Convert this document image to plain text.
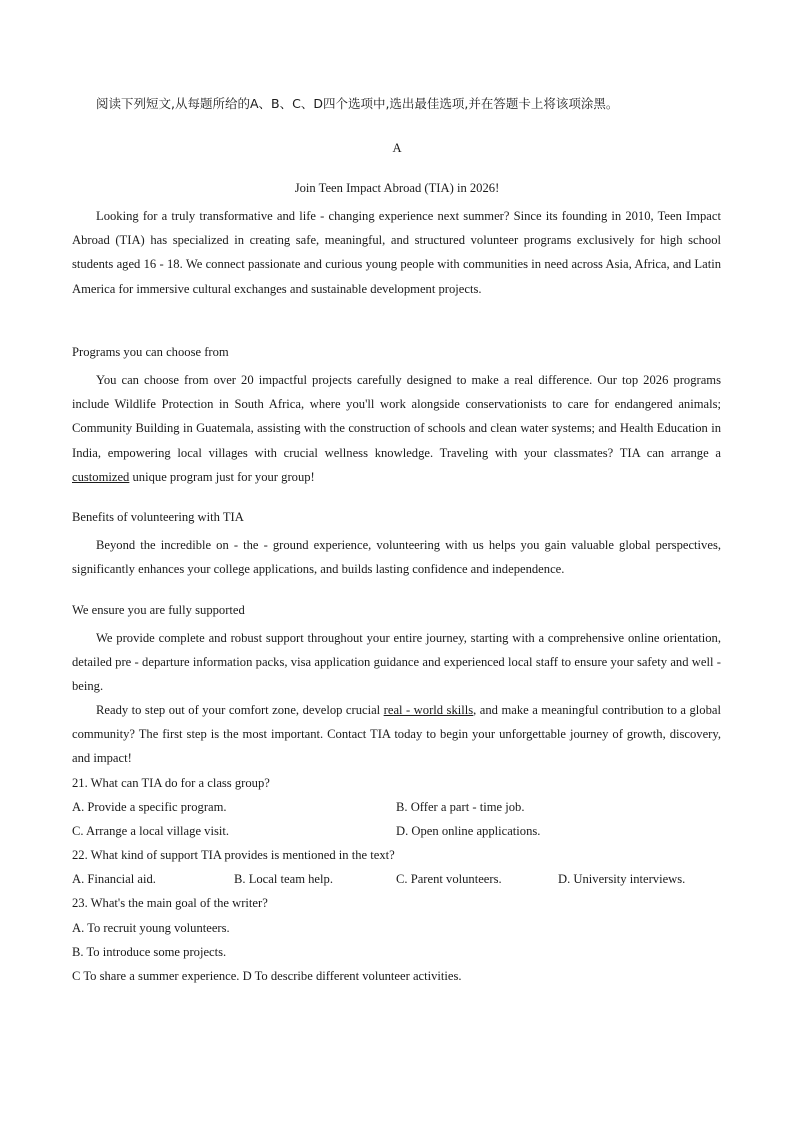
阅读下列短文,从每题所给的A、B、C、D四个选项中,选出最佳选项,并在答题卡上将该项涂黑。
A
Join Teen Impact Abroad (TIA) in 2026!
Looking for a truly transformative and life - changing experience next summer? Since its founding in 2010, Teen Impact Abroad (TIA) has specialized in creating safe, meaningful, and structured volunteer programs exclusively for high school students aged 16 - 18. We connect passionate and curious young people with communities in need across Asia, Africa, and Latin America for immersive cultural exchanges and sustainable development projects.
Programs you can choose from
You can choose from over 20 impactful projects carefully designed to make a real difference. Our top 2026 programs include Wildlife Protection in South Africa, where you'll work alongside conservationists to care for endangered animals; Community Building in Guatemala, assisting with the construction of schools and clean water systems; and Health Education in India, empowering local villages with crucial wellness knowledge. Traveling with your classmates? TIA can arrange a customized unique program just for your group!
Benefits of volunteering with TIA
Beyond the incredible on - the - ground experience, volunteering with us helps you gain valuable global perspectives, significantly enhances your college applications, and builds lasting confidence and independence.
We ensure you are fully supported
We provide complete and robust support throughout your entire journey, starting with a comprehensive online orientation, detailed pre - departure information packs, visa application guidance and experienced local staff to ensure your safety and well - being.
Ready to step out of your comfort zone, develop crucial real - world skills, and make a meaningful contribution to a global community? The first step is the most important. Contact TIA today to begin your unforgettable journey of growth, discovery, and impact!
21. What can TIA do for a class group?
A. Provide a specific program.	B. Offer a part - time job.
C. Arrange a local village visit.	D. Open online applications.
22. What kind of support TIA provides is mentioned in the text?
A. Financial aid.	B. Local team help.	C. Parent volunteers.	D. University interviews.
23. What's the main goal of the writer?
A. To recruit young volunteers.
B. To introduce some projects.
C To share a summer experience. D To describe different volunteer activities.
